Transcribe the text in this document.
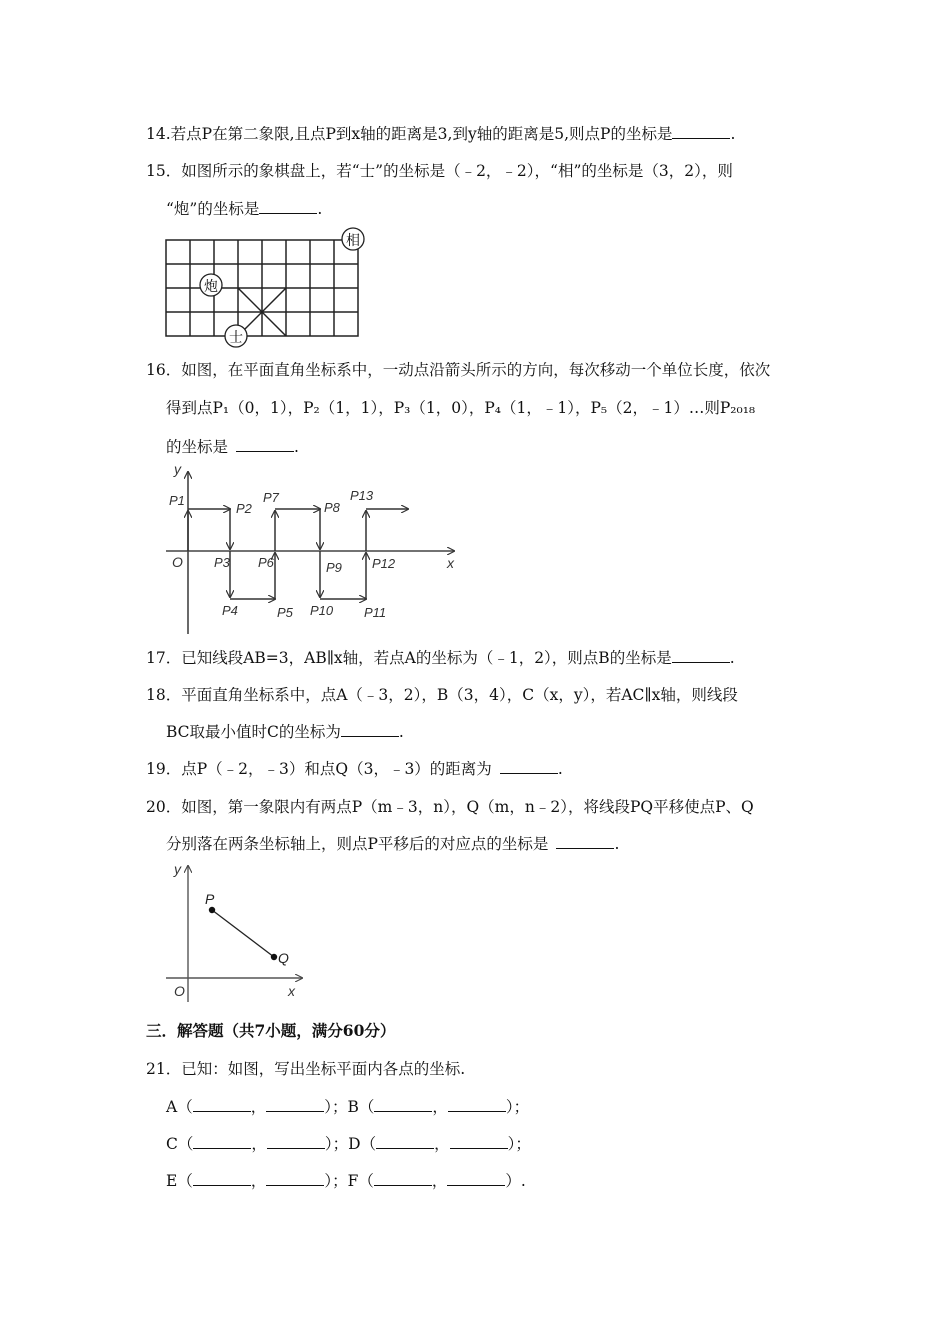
14.若点P在第二象限,且点P到x轴的距离是3,到y轴的距离是5,则点P的坐标是	.
15．如图所示的象棋盘上，若“士”的坐标是（﹣2，﹣2），“相”的坐标是（3，2），则
“炮”的坐标是	.
相
炮
士
16．如图，在平面直角坐标系中，一动点沿箭头所示的方向，每次移动一个单位长度，依次
得到点P₁（0，1），P₂（1，1），P₃（1，0），P₄（1，﹣1），P₅（2，﹣1）…则P₂₀₁₈
的坐标是	.
y
x
O
P1
P2
P3
P4	P5
P6
P7
P8
P9
P10 P11
P12
P13
17．已知线段AB=3，AB∥x轴，若点A的坐标为（﹣1，2），则点B的坐标是	.
18．平面直角坐标系中，点A（﹣3，2），B（3，4），C（x，y），若AC∥x轴，则线段
BC取最小值时C的坐标为	.
19．点P（﹣2，﹣3）和点Q（3，﹣3）的距离为	.
20．如图，第一象限内有两点P（m﹣3，n），Q（m，n﹣2），将线段PQ平移使点P、Q
分别落在两条坐标轴上，则点P平移后的对应点的坐标是	.
y
x
O
P
Q
三．解答题（共7小题，满分60分）
21．已知：如图，写出坐标平面内各点的坐标.
A（	，	）；B（	，	）；
C（	，	）；D（	，	）；
E（	，	）；F（	，	）.
